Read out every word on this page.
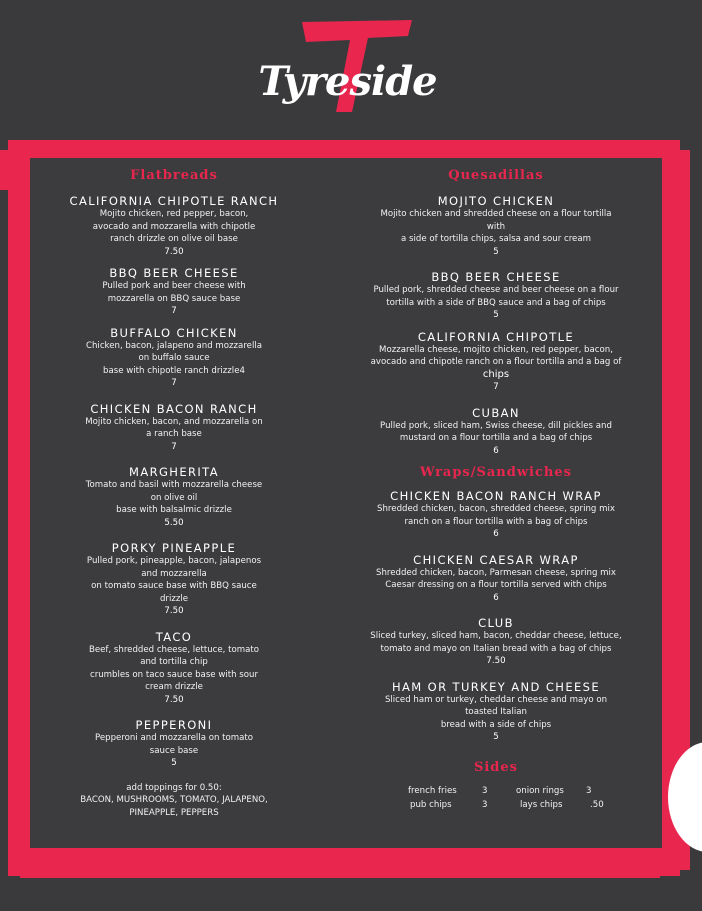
Tyreside
Flatbreads
CALIFORNIA CHIPOTLE RANCH
Mojito chicken, red pepper, bacon,
avocado and mozzarella with chipotle
ranch drizzle on olive oil base
7.50
BBQ BEER CHEESE
Pulled pork and beer cheese with
mozzarella on BBQ sauce base
7
BUFFALO CHICKEN
Chicken, bacon, jalapeno and mozzarella
on buffalo sauce
base with chipotle ranch drizzle4
7
CHICKEN BACON RANCH
Mojito chicken, bacon, and mozzarella on
a ranch base
7
MARGHERITA
Tomato and basil with mozzarella cheese
on olive oil
base with balsalmic drizzle
5.50
PORKY PINEAPPLE
Pulled pork, pineapple, bacon, jalapenos
and mozzarella
on tomato sauce base with BBQ sauce
drizzle
7.50
TACO
Beef, shredded cheese, lettuce, tomato
and tortilla chip
crumbles on taco sauce base with sour
cream drizzle
7.50
PEPPERONI
Pepperoni and mozzarella on tomato
sauce base
5
add toppings for 0.50:
BACON, MUSHROOMS, TOMATO, JALAPENO,
PINEAPPLE, PEPPERS
Quesadillas
MOJITO CHICKEN
Mojito chicken and shredded cheese on a flour tortilla
with
a side of tortilla chips, salsa and sour cream
5
BBQ BEER CHEESE
Pulled pork, shredded cheese and beer cheese on a flour
tortilla with a side of BBQ sauce and a bag of chips
5
CALIFORNIA CHIPOTLE
Mozzarella cheese, mojito chicken, red pepper, bacon,
avocado and chipotle ranch on a flour tortilla and a bag of
chips
7
CUBAN
Pulled pork, sliced ham, Swiss cheese, dill pickles and
mustard on a flour tortilla and a bag of chips
6
Wraps/Sandwiches
CHICKEN BACON RANCH WRAP
Shredded chicken, bacon, shredded cheese, spring mix
ranch on a flour tortilla with a bag of chips
6
CHICKEN CAESAR WRAP
Shredded chicken, bacon, Parmesan cheese, spring mix
Caesar dressing on a flour tortilla served with chips
6
CLUB
Sliced turkey, sliced ham, bacon, cheddar cheese, lettuce,
tomato and mayo on Italian bread with a bag of chips
7.50
HAM OR TURKEY AND CHEESE
Sliced ham or turkey, cheddar cheese and mayo on
toasted Italian
bread with a side of chips
5
Sides
french fries	3	onion rings	3
pub chips	3	lays chips	.50
